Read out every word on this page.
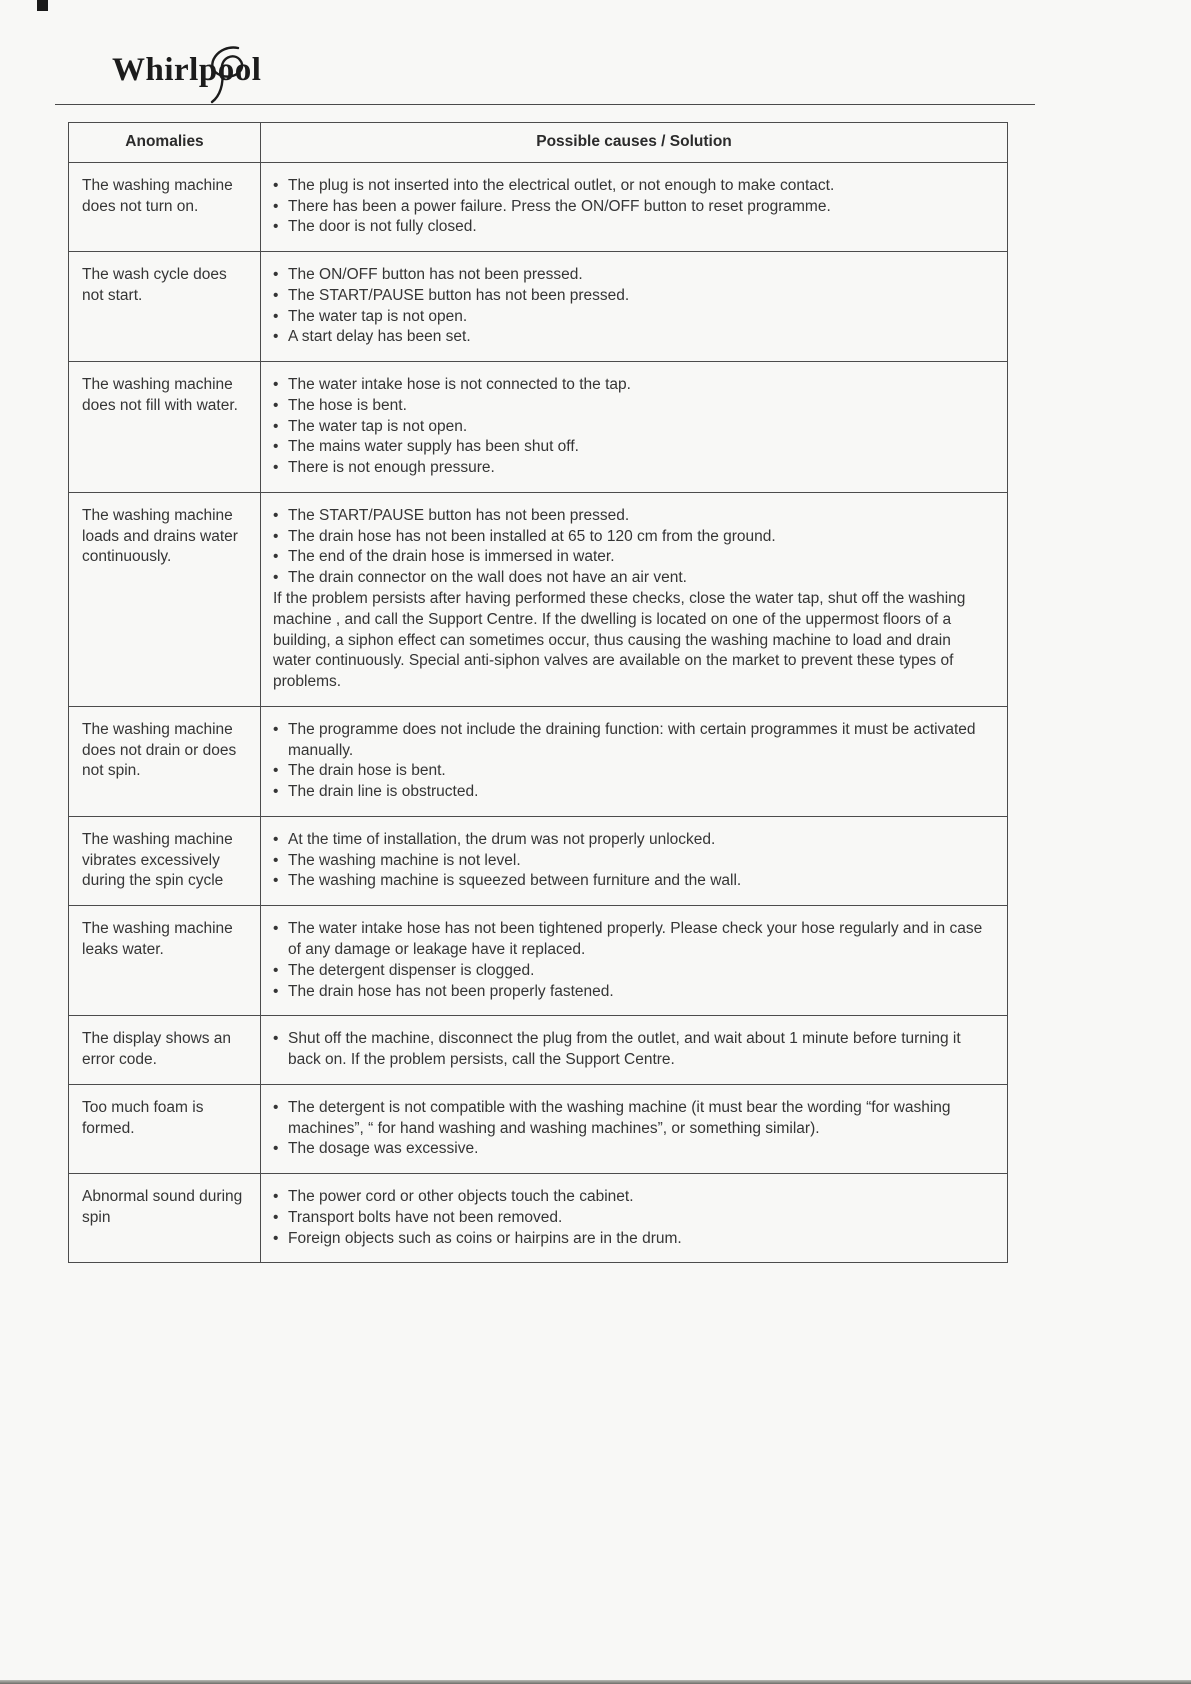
Whirlpool
Anomalies	Possible causes / Solution
The washing machine does not turn on.	
• The plug is not inserted into the electrical outlet, or not enough to make contact.
• There has been a power failure. Press the ON/OFF button to reset programme.
• The door is not fully closed.

The wash cycle does not start.	
• The ON/OFF button has not been pressed.
• The START/PAUSE button has not been pressed.
• The water tap is not open.
• A start delay has been set.

The washing machine does not fill with water.	
• The water intake hose is not connected to the tap.
• The hose is bent.
• The water tap is not open.
• The mains water supply has been shut off.
• There is not enough pressure.

The washing machine loads and drains water continuously.	
• The START/PAUSE button has not been pressed.
• The drain hose has not been installed at 65 to 120 cm from the ground.
• The end of the drain hose is immersed in water.
• The drain connector on the wall does not have an air vent.
If the problem persists after having performed these checks, close the water tap, shut off the washing machine , and call the Support Centre. If the dwelling is located on one of the uppermost floors of a building, a siphon effect can sometimes occur, thus causing the washing machine to load and drain water continuously. Special anti-siphon valves are available on the market to prevent these types of problems.

The washing machine does not drain or does not spin.	
• The programme does not include the draining function: with certain programmes it must be activated manually.
• The drain hose is bent.
• The drain line is obstructed.

The washing machine vibrates excessively during the spin cycle	
• At the time of installation, the drum was not properly unlocked.
• The washing machine is not level.
• The washing machine is squeezed between furniture and the wall.

The washing machine leaks water.	
• The water intake hose has not been tightened properly. Please check your hose regularly and in case of any damage or leakage have it replaced.
• The detergent dispenser is clogged.
• The drain hose has not been properly fastened.

The display shows an error code.	• Shut off the machine, disconnect the plug from the outlet, and wait about 1 minute before turning it back on. If the problem persists, call the Support Centre.

Too much foam is formed.	• The detergent is not compatible with the washing machine (it must bear the wording “for washing machines”, “ for hand washing and washing machines”, or something similar).
• The dosage was excessive.

Abnormal sound during spin	
• The power cord or other objects touch the cabinet.
• Transport bolts have not been removed.
• Foreign objects such as coins or hairpins are in the drum.
